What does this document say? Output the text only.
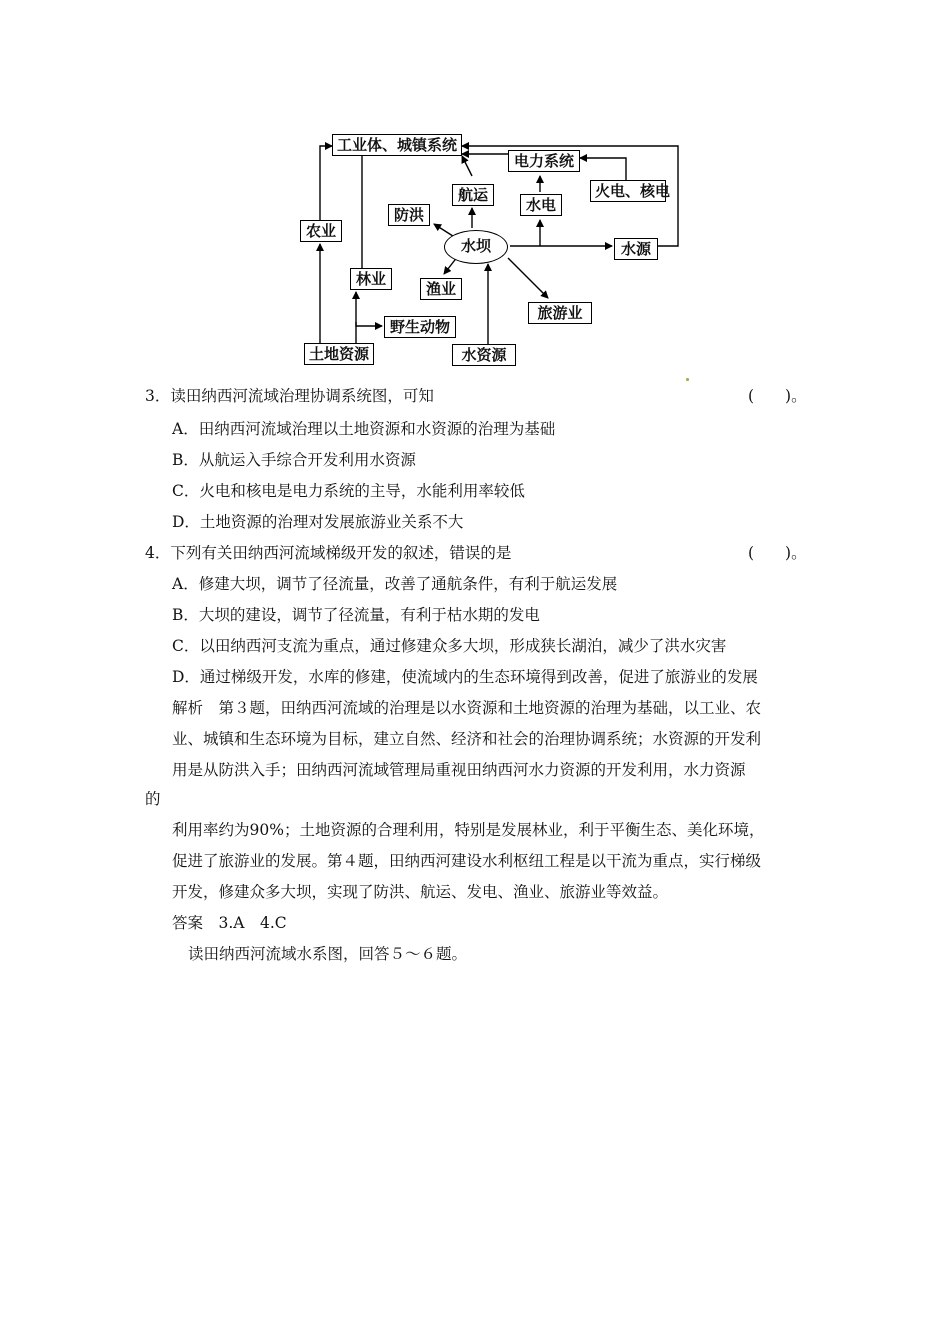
工业体、城镇系统
电力系统
火电、核电
航运
水电
防洪
水坝	水源
渔业
旅游业
农业
林业
野生动物
土地资源	水资源
3．读田纳西河流域治理协调系统图，可知	(　　)。
A．田纳西河流域治理以土地资源和水资源的治理为基础
B．从航运入手综合开发利用水资源
C．火电和核电是电力系统的主导，水能利用率较低
D．土地资源的治理对发展旅游业关系不大
4．下列有关田纳西河流域梯级开发的叙述，错误的是	(　　)。
A．修建大坝，调节了径流量，改善了通航条件，有利于航运发展
B．大坝的建设，调节了径流量，有利于枯水期的发电
C．以田纳西河支流为重点，通过修建众多大坝，形成狭长湖泊，减少了洪水灾害
D．通过梯级开发，水库的修建，使流域内的生态环境得到改善，促进了旅游业的发展
解析　第３题，田纳西河流域的治理是以水资源和土地资源的治理为基础，以工业、农
业、城镇和生态环境为目标，建立自然、经济和社会的治理协调系统；水资源的开发利
用是从防洪入手；田纳西河流域管理局重视田纳西河水力资源的开发利用，水力资源
的
利用率约为90%；土地资源的合理利用，特别是发展林业，利于平衡生态、美化环境，
促进了旅游业的发展。第４题，田纳西河建设水利枢纽工程是以干流为重点，实行梯级
开发，修建众多大坝，实现了防洪、航运、发电、渔业、旅游业等效益。
答案　3.A　4.C
读田纳西河流域水系图，回答５～６题。
